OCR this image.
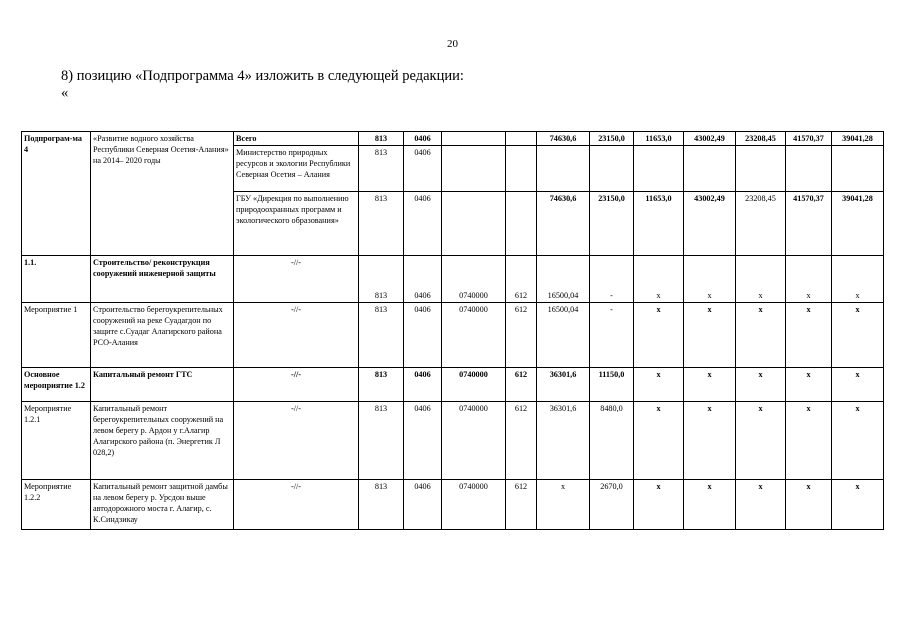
20
8) позицию «Подпрограмма 4» изложить в следующей редакции:
«
Подпрограм-ма 4	«Развитие водного хозяйства Республики Северная Осетия-Алания» на 2014– 2020 годы	Всего	813	0406			74630,6	23150,0	11653,0	43002,49	23208,45	41570,37	39041,28
		Министерство природных ресурсов и экологии Республики Северная Осетия – Алания	813	0406									
		ГБУ «Дирекция по выполнению природоохранных программ и экологического образования»	813	0406			74630,6	23150,0	11653,0	43002,49	23208,45	41570,37	39041,28
1.1.	Строительство/ реконструкция сооружений инженерной защиты	-//-	813	0406	0740000	612	16500,04	-	x	x	x	x	x
Мероприятие 1	Строительство берегоукрепительных сооружений на реке Суадагдон по защите с.Суадаг Алагирского района РСО-Алания	-//-	813	0406	0740000	612	16500,04	-	x	x	x	x	x
Основное мероприятие 1.2	Капитальный ремонт ГТС	-//-	813	0406	0740000	612	36301,6	11150,0	x	x	x	x	x
Мероприятие 1.2.1	Капитальный ремонт берегоукрепительных сооружений на левом берегу р. Ардон у г.Алагир Алагирского района (п. Энергетик Л 028,2)	-//-	813	0406	0740000	612	36301,6	8480,0	x	x	x	x	x
Мероприятие 1.2.2	Капитальный ремонт защитной дамбы на левом берегу р. Урсдон выше автодорожного моста г. Алагир, с. К.Синдзикау	-//-	813	0406	0740000	612	x	2670,0	x	x	x	x	x
